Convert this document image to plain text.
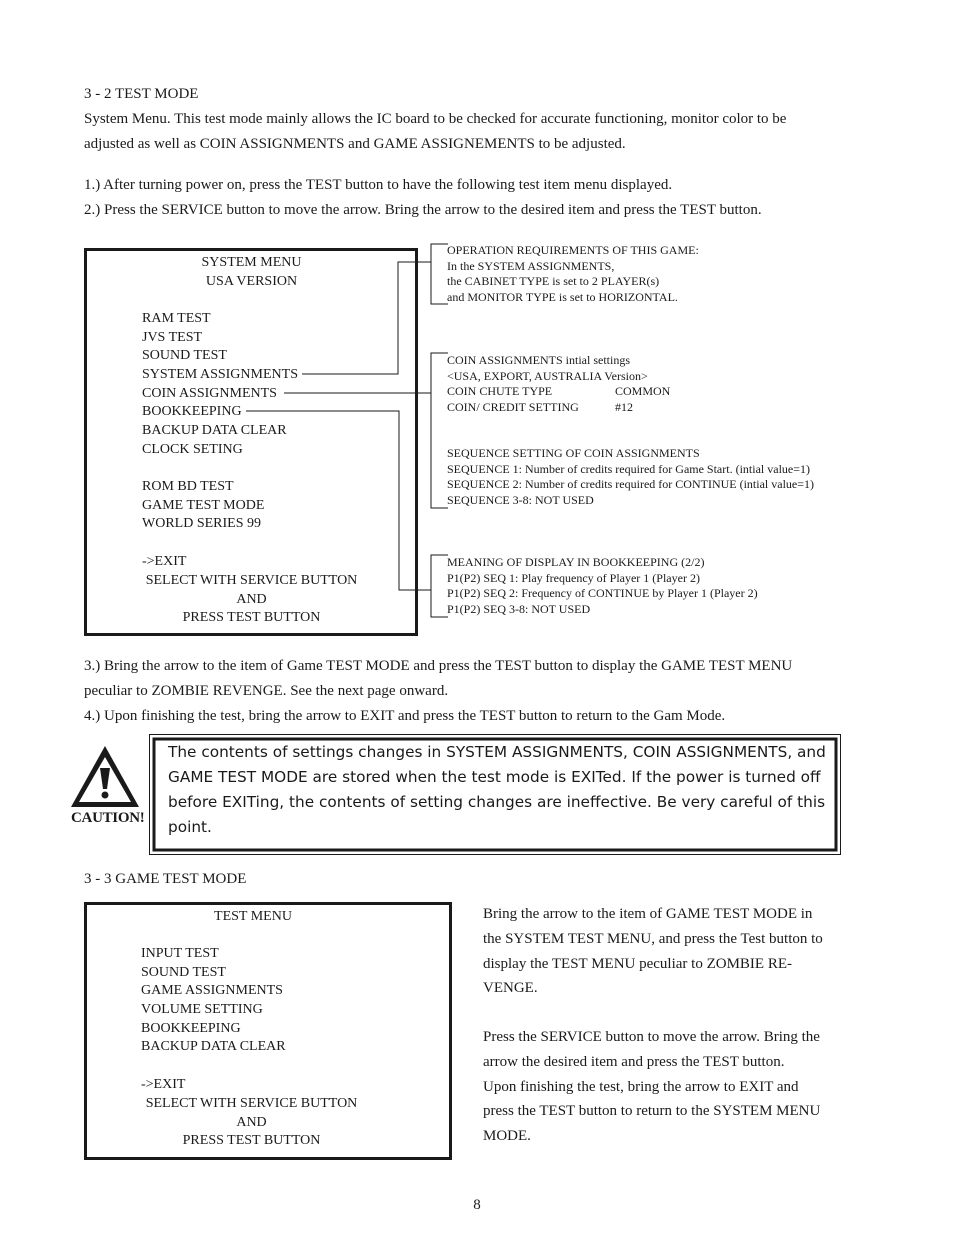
3 - 2 TEST MODE
System Menu. This test mode mainly allows the IC board to be checked for accurate functioning, monitor color to be
adjusted as well as COIN ASSIGNMENTS and GAME ASSIGNEMENTS to be adjusted.
1.) After turning power on, press the TEST button to have the following test item menu displayed.
2.) Press the SERVICE button to move the arrow. Bring the arrow to the desired item and press the TEST button.
CAUTION!
SYSTEM MENU
USA VERSION
RAM TEST
JVS TEST
SOUND TEST
SYSTEM ASSIGNMENTS
COIN ASSIGNMENTS
BOOKKEEPING
BACKUP DATA CLEAR
CLOCK SETING
ROM BD TEST
GAME TEST MODE
WORLD SERIES 99
->EXIT
SELECT WITH SERVICE BUTTON
AND
PRESS TEST BUTTON
OPERATION REQUIREMENTS OF THIS GAME:
In the SYSTEM ASSIGNMENTS,
the CABINET TYPE is set to 2 PLAYER(s)
and MONITOR TYPE is set to HORIZONTAL.
COIN ASSIGNMENTS intial settings
<USA, EXPORT, AUSTRALIA Version>
COIN CHUTE TYPE	COMMON
COIN/ CREDIT SETTING	#12
SEQUENCE SETTING OF COIN ASSIGNMENTS
SEQUENCE 1: Number of credits required for Game Start. (intial value=1)
SEQUENCE 2: Number of credits required for CONTINUE (intial value=1)
SEQUENCE 3-8: NOT USED
MEANING OF DISPLAY IN BOOKKEEPING (2/2)
P1(P2) SEQ 1: Play frequency of Player 1 (Player 2)
P1(P2) SEQ 2: Frequency of CONTINUE by Player 1 (Player 2)
P1(P2) SEQ 3-8: NOT USED
3.) Bring the arrow to the item of Game TEST MODE and press the TEST button to display the GAME TEST MENU
peculiar to ZOMBIE REVENGE. See the next page onward.
4.) Upon finishing the test, bring the arrow to EXIT and press the TEST button to return to the Gam Mode.
The contents of settings changes in SYSTEM ASSIGNMENTS, COIN ASSIGNMENTS, and GAME TEST MODE are stored when the test mode is EXITed. If the power is turned off before EXITing, the contents of setting changes are ineffective. Be very careful of this point.
3 - 3 GAME TEST MODE
TEST MENU
INPUT TEST
SOUND TEST
GAME ASSIGNMENTS
VOLUME SETTING
BOOKKEEPING
BACKUP DATA CLEAR
->EXIT
SELECT WITH SERVICE BUTTON
AND
PRESS TEST BUTTON
Bring the arrow to the item of GAME TEST MODE in
the SYSTEM TEST MENU, and press the Test button to
display the TEST MENU peculiar to ZOMBIE RE-
VENGE.
Press the SERVICE button to move the arrow. Bring the
arrow the desired item and press the TEST button.
Upon finishing the test, bring the arrow to EXIT and
press the TEST button to return to the SYSTEM MENU
MODE.
8
